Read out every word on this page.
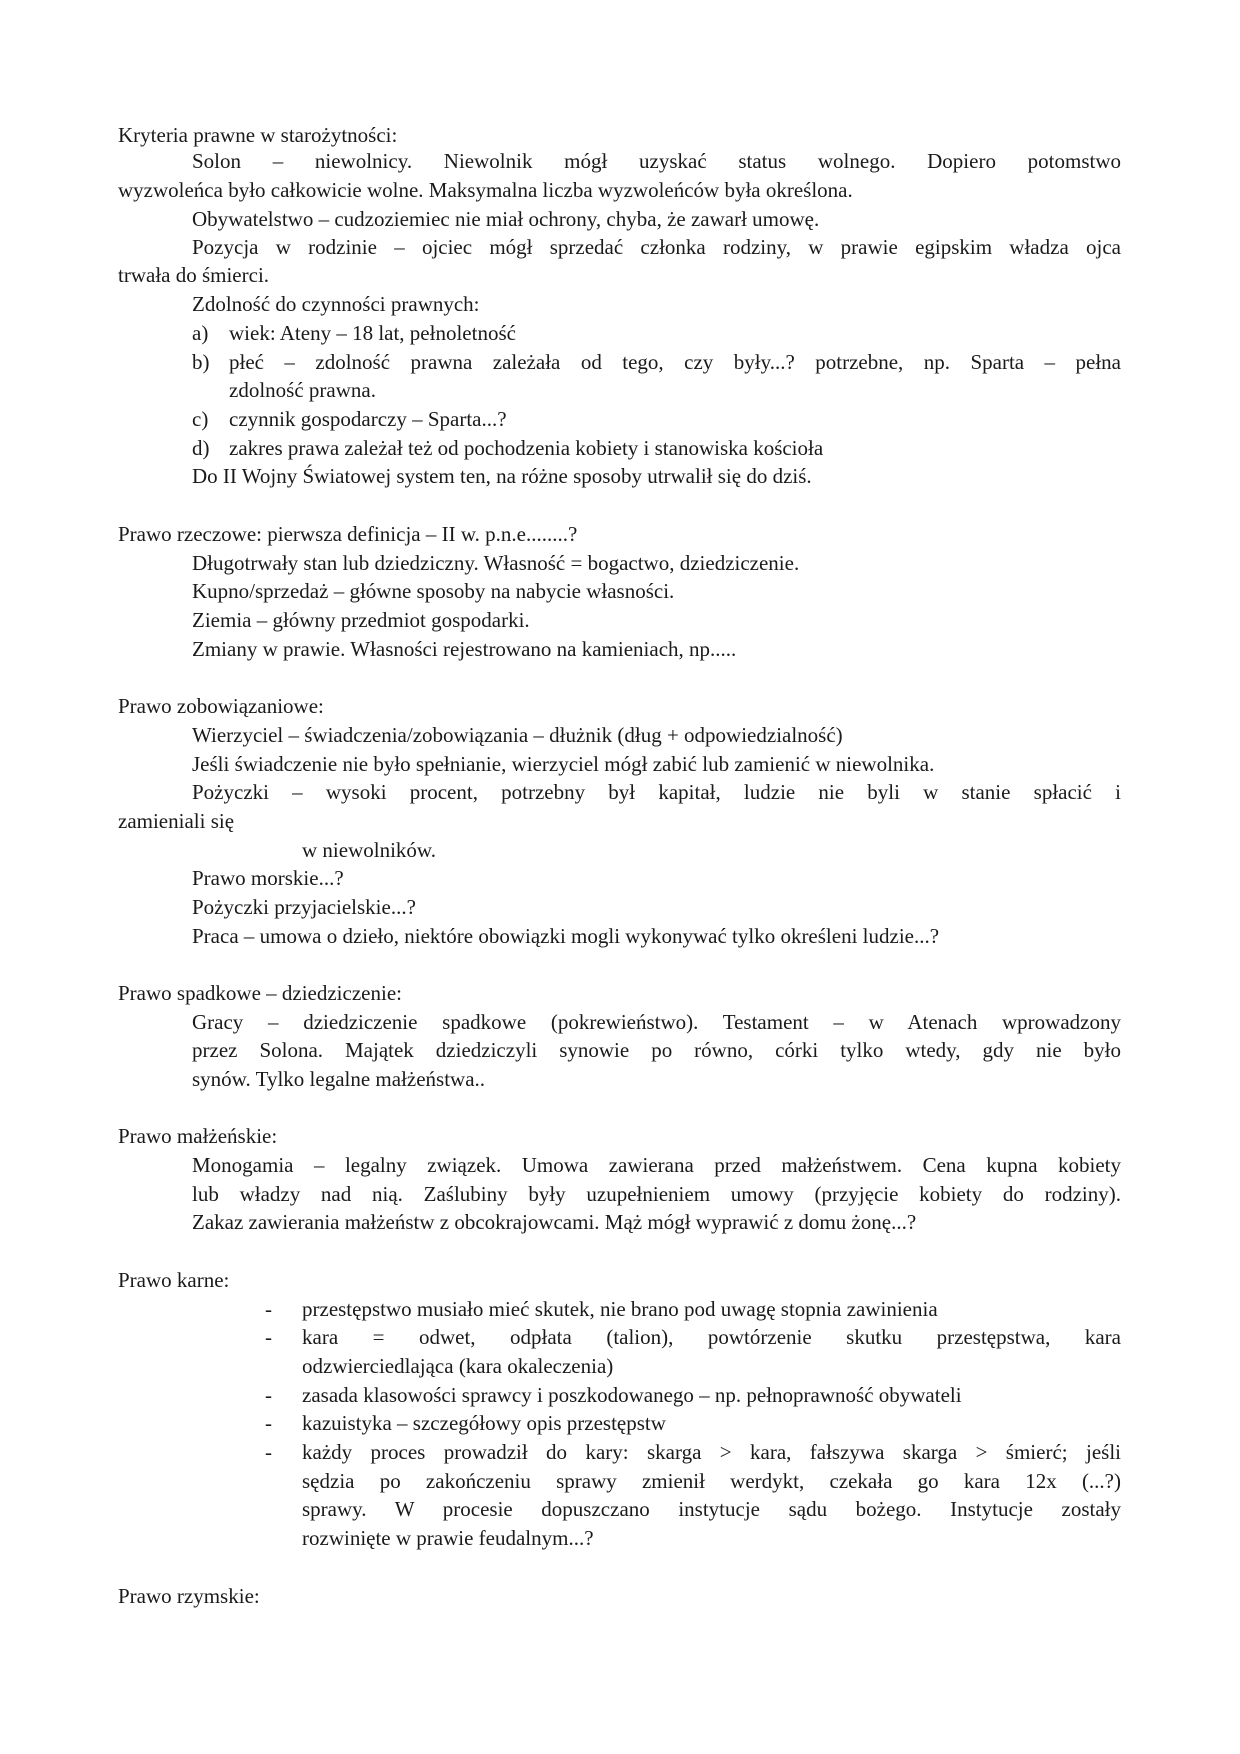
Kryteria prawne w starożytności:
Solon – niewolnicy. Niewolnik mógł uzyskać status wolnego. Dopiero potomstwo
wyzwoleńca było całkowicie wolne. Maksymalna liczba wyzwoleńców była określona.
Obywatelstwo – cudzoziemiec nie miał ochrony, chyba, że zawarł umowę.
Pozycja w rodzinie – ojciec mógł sprzedać członka rodziny, w prawie egipskim władza ojca
trwała do śmierci.
Zdolność do czynności prawnych:
a) wiek: Ateny – 18 lat, pełnoletność
b) płeć – zdolność prawna zależała od tego, czy były...? potrzebne, np. Sparta – pełna
zdolność prawna.
c) czynnik gospodarczy – Sparta...?
d) zakres prawa zależał też od pochodzenia kobiety i stanowiska kościoła
Do II Wojny Światowej system ten, na różne sposoby utrwalił się do dziś.
Prawo rzeczowe: pierwsza definicja – II w. p.n.e........?
Długotrwały stan lub dziedziczny. Własność = bogactwo, dziedziczenie.
Kupno/sprzedaż – główne sposoby na nabycie własności.
Ziemia – główny przedmiot gospodarki.
Zmiany w prawie. Własności rejestrowano na kamieniach, np.....
Prawo zobowiązaniowe:
Wierzyciel – świadczenia/zobowiązania – dłużnik (dług + odpowiedzialność)
Jeśli świadczenie nie było spełnianie, wierzyciel mógł zabić lub zamienić w niewolnika.
Pożyczki – wysoki procent, potrzebny był kapitał, ludzie nie byli w stanie spłacić i
zamieniali się
w niewolników.
Prawo morskie...?
Pożyczki przyjacielskie...?
Praca – umowa o dzieło, niektóre obowiązki mogli wykonywać tylko określeni ludzie...?
Prawo spadkowe – dziedziczenie:
Gracy – dziedziczenie spadkowe (pokrewieństwo). Testament – w Atenach wprowadzony
przez Solona. Majątek dziedziczyli synowie po równo, córki tylko wtedy, gdy nie było
synów. Tylko legalne małżeństwa..
Prawo małżeńskie:
Monogamia – legalny związek. Umowa zawierana przed małżeństwem. Cena kupna kobiety
lub władzy nad nią. Zaślubiny były uzupełnieniem umowy (przyjęcie kobiety do rodziny).
Zakaz zawierania małżeństw z obcokrajowcami. Mąż mógł wyprawić z domu żonę...?
Prawo karne:
- przestępstwo musiało mieć skutek, nie brano pod uwagę stopnia zawinienia
- kara = odwet, odpłata (talion), powtórzenie skutku przestępstwa, kara
odzwierciedlająca (kara okaleczenia)
- zasada klasowości sprawcy i poszkodowanego – np. pełnoprawność obywateli
- kazuistyka – szczegółowy opis przestępstw
- każdy proces prowadził do kary: skarga > kara, fałszywa skarga > śmierć; jeśli
sędzia po zakończeniu sprawy zmienił werdykt, czekała go kara 12x (...?)
sprawy. W procesie dopuszczano instytucje sądu bożego. Instytucje zostały
rozwinięte w prawie feudalnym...?
Prawo rzymskie:
